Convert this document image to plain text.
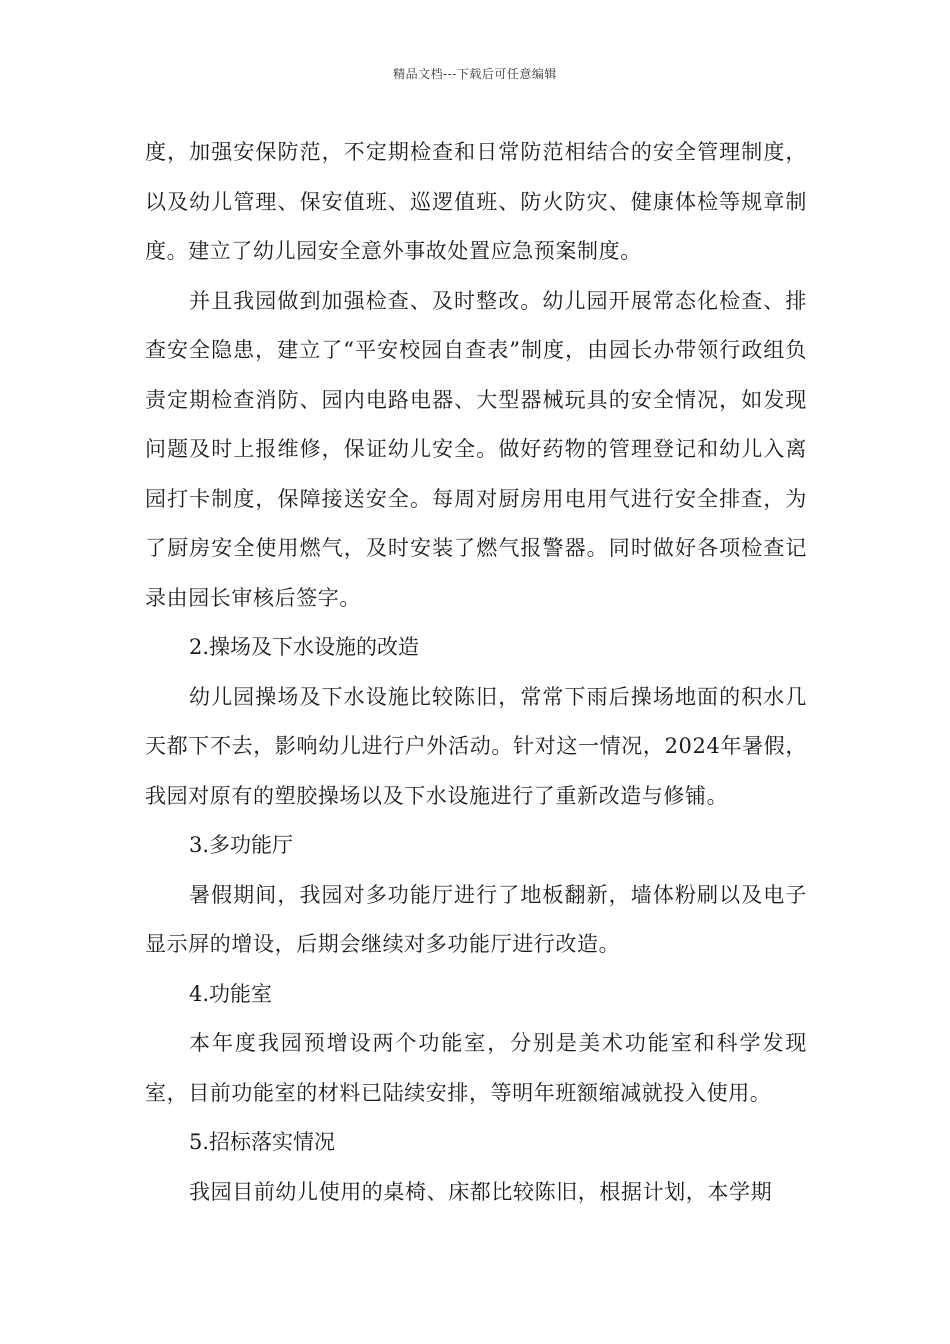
精品文档---下载后可任意编辑

度，加强安保防范，不定期检查和日常防范相结合的安全管理制度，以及幼儿管理、保安值班、巡逻值班、防火防灾、健康体检等规章制度。建立了幼儿园安全意外事故处置应急预案制度。

并且我园做到加强检查、及时整改。幼儿园开展常态化检查、排查安全隐患，建立了“平安校园自查表”制度，由园长办带领行政组负责定期检查消防、园内电路电器、大型器械玩具的安全情况，如发现问题及时上报维修，保证幼儿安全。做好药物的管理登记和幼儿入离园打卡制度，保障接送安全。每周对厨房用电用气进行安全排查，为了厨房安全使用燃气，及时安装了燃气报警器。同时做好各项检查记录由园长审核后签字。

2.操场及下水设施的改造

幼儿园操场及下水设施比较陈旧，常常下雨后操场地面的积水几天都下不去，影响幼儿进行户外活动。针对这一情况，2024年暑假，我园对原有的塑胶操场以及下水设施进行了重新改造与修铺。

3.多功能厅

暑假期间，我园对多功能厅进行了地板翻新，墙体粉刷以及电子显示屏的增设，后期会继续对多功能厅进行改造。

4.功能室

本年度我园预增设两个功能室，分别是美术功能室和科学发现室，目前功能室的材料已陆续安排，等明年班额缩减就投入使用。

5.招标落实情况

我园目前幼儿使用的桌椅、床都比较陈旧，根据计划，本学期
